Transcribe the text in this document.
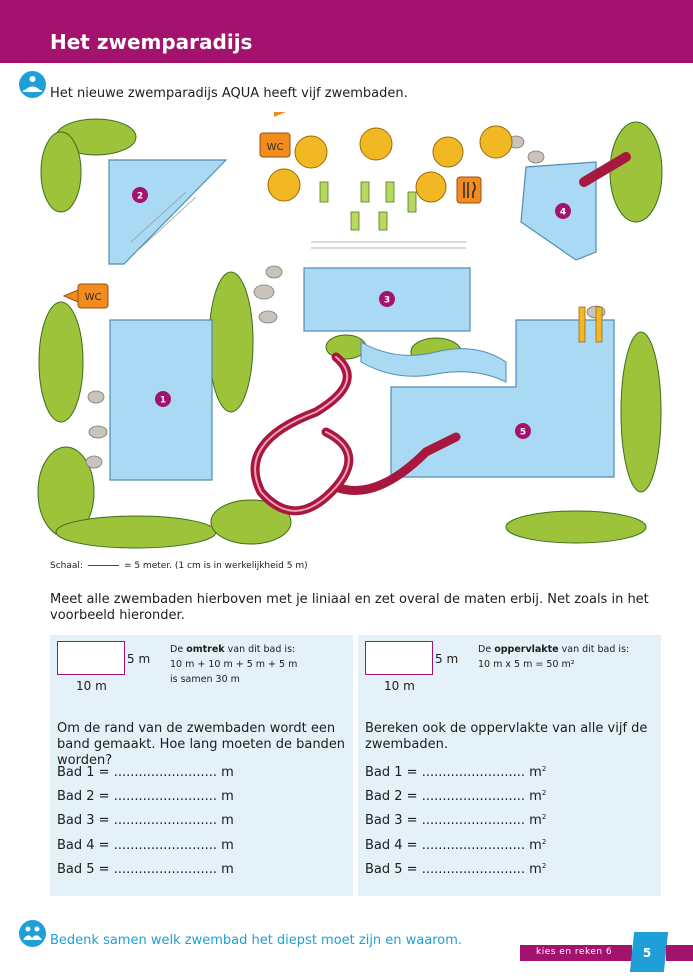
Het zwemparadijs
Het nieuwe zwemparadijs AQUA heeft vijf zwembaden.
WC
WC
2
3
1
4
5
Schaal:	= 5 meter. (1 cm is in werkelijkheid 5 m)
Meet alle zwembaden hierboven met je liniaal en zet overal de maten erbij. Net zoals in het voorbeeld hieronder.
5 m
10 m
De omtrek van dit bad is:
10 m + 10 m + 5 m + 5 m
is samen 30 m
Om de rand van de zwembaden wordt een band gemaakt. Hoe lang moeten de banden worden?
Bad 1 = ......................... m
Bad 2 = ......................... m
Bad 3 = ......................... m
Bad 4 = ......................... m
Bad 5 = ......................... m
5 m
10 m
De oppervlakte van dit bad is:
10 m x 5 m = 50 m²
Bereken ook de oppervlakte van alle vijf de zwembaden.
Bad 1 = ......................... $m^2$
Bad 2 = ......................... $m^2$
Bad 3 = ......................... $m^2$
Bad 4 = ......................... $m^2$
Bad 5 = ......................... $m^2$
Bedenk samen welk zwembad het diepst moet zijn en waarom.
kies en reken 6	5
